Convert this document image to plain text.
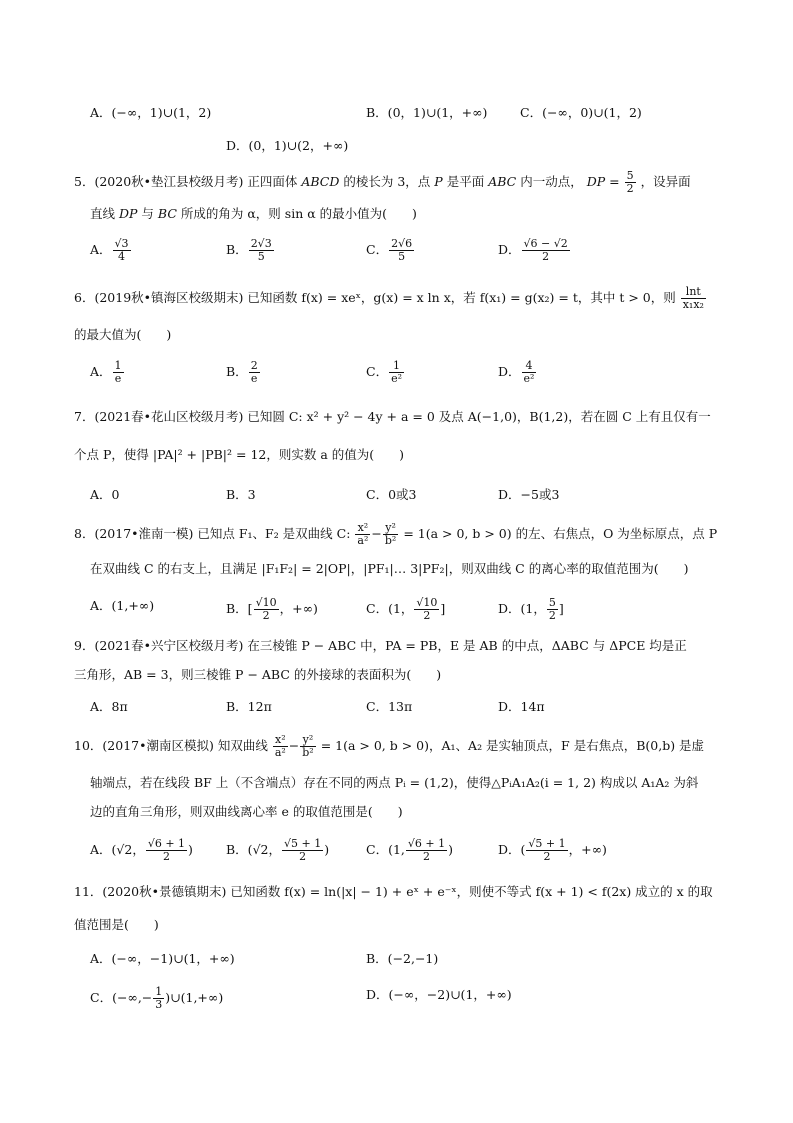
A．(−∞，1)∪(1，2)	B．(0，1)∪(1，+∞)	C．(−∞，0)∪(1，2)
D．(0，1)∪(2，+∞)
5．(2020秋•垫江县校级月考) 正四面体 ABCD 的棱长为 3，点 P 是平面 ABC 内一动点， DP = $\frac{5}{2}$ ，设异面
直线 DP 与 BC 所成的角为 α，则 sin α 的最小值为(　　)
A． $\frac{√3}{4}$	B． $\frac{2√3}{5}$	C． $\frac{2√6}{5}$	D． $\frac{√6 - √2}{2}$
6．(2019秋•镇海区校级期末) 已知函数 f(x) = xeˣ，g(x) = x ln x，若 f(x₁) = g(x₂) = t，其中 t > 0，则 $\frac{\ln t}{\text{x₁x₂}}$
的最大值为(　　)
A． $\frac{1}{e}$	B． $\frac{2}{e}$	C． $\frac{1}{\text{e²}}$	D． $\frac{4}{\text{e²}}$
7．(2021春•花山区校级月考) 已知圆 C: x² + y² − 4y + a = 0 及点 A(−1,0)，B(1,2)，若在圆 C 上有且仅有一
个点 P，使得 |PA|² + |PB|² = 12，则实数 a 的值为(　　)
A．0	B．3	C．0或3	D．−5或3
8．(2017•淮南一模) 已知点 F₁、F₂ 是双曲线 C: $\frac{\text{x²}}{\text{a²}} - \frac{\text{y²}}{\text{b²}} = 1(a > 0$, b > 0) 的左、右焦点，O 为坐标原点，点 P
在双曲线 C 的右支上，且满足 |F₁F₂| = 2|OP|，|PF₁|… 3|PF₂|，则双曲线 C 的离心率的取值范围为(　　)
A．(1,+∞)	B．[ $\frac{√10}{2}$ ，+∞)	C．(1， $\frac{√10}{2}$ ]	D．(1， $\frac{5}{2}$ ]
9．(2021春•兴宁区校级月考) 在三棱锥 P − ABC 中，PA = PB，E 是 AB 的中点，ΔABC 与 ΔPCE 均是正
三角形，AB = 3，则三棱锥 P − ABC 的外接球的表面积为(　　)
A．8π	B．12π	C．13π	D．14π
10．(2017•潮南区模拟) 知双曲线 $\frac{\text{x²}}{\text{a²}} - \frac{\text{y²}}{\text{b²}} = 1(a > 0$, b > 0)，A₁、A₂ 是实轴顶点，F 是右焦点，B(0,b) 是虚
轴端点，若在线段 BF 上（不含端点）存在不同的两点 Pᵢ = (1,2)，使得△PᵢA₁A₂(i = 1, 2) 构成以 A₁A₂ 为斜
边的直角三角形，则双曲线离心率 e 的取值范围是(　　)
A．(√2， $\frac{√6 + 1}{2}$ )	B．(√2， $\frac{√5 + 1}{2}$ )	C．(1, $\frac{√6 + 1}{2}$ )	D．( $\frac{√5 + 1}{2}$ ，+∞)
11．(2020秋•景德镇期末) 已知函数 f(x) = ln(|x| − 1) + eˣ + e⁻ˣ，则使不等式 f(x + 1) < f(2x) 成立的 x 的取
值范围是(　　)
A．(−∞，−1)∪(1，+∞)	B．(−2,−1)
C．(−∞,− $\frac{1}{3}$ )∪(1,+∞)	D．(−∞，−2)∪(1，+∞)
